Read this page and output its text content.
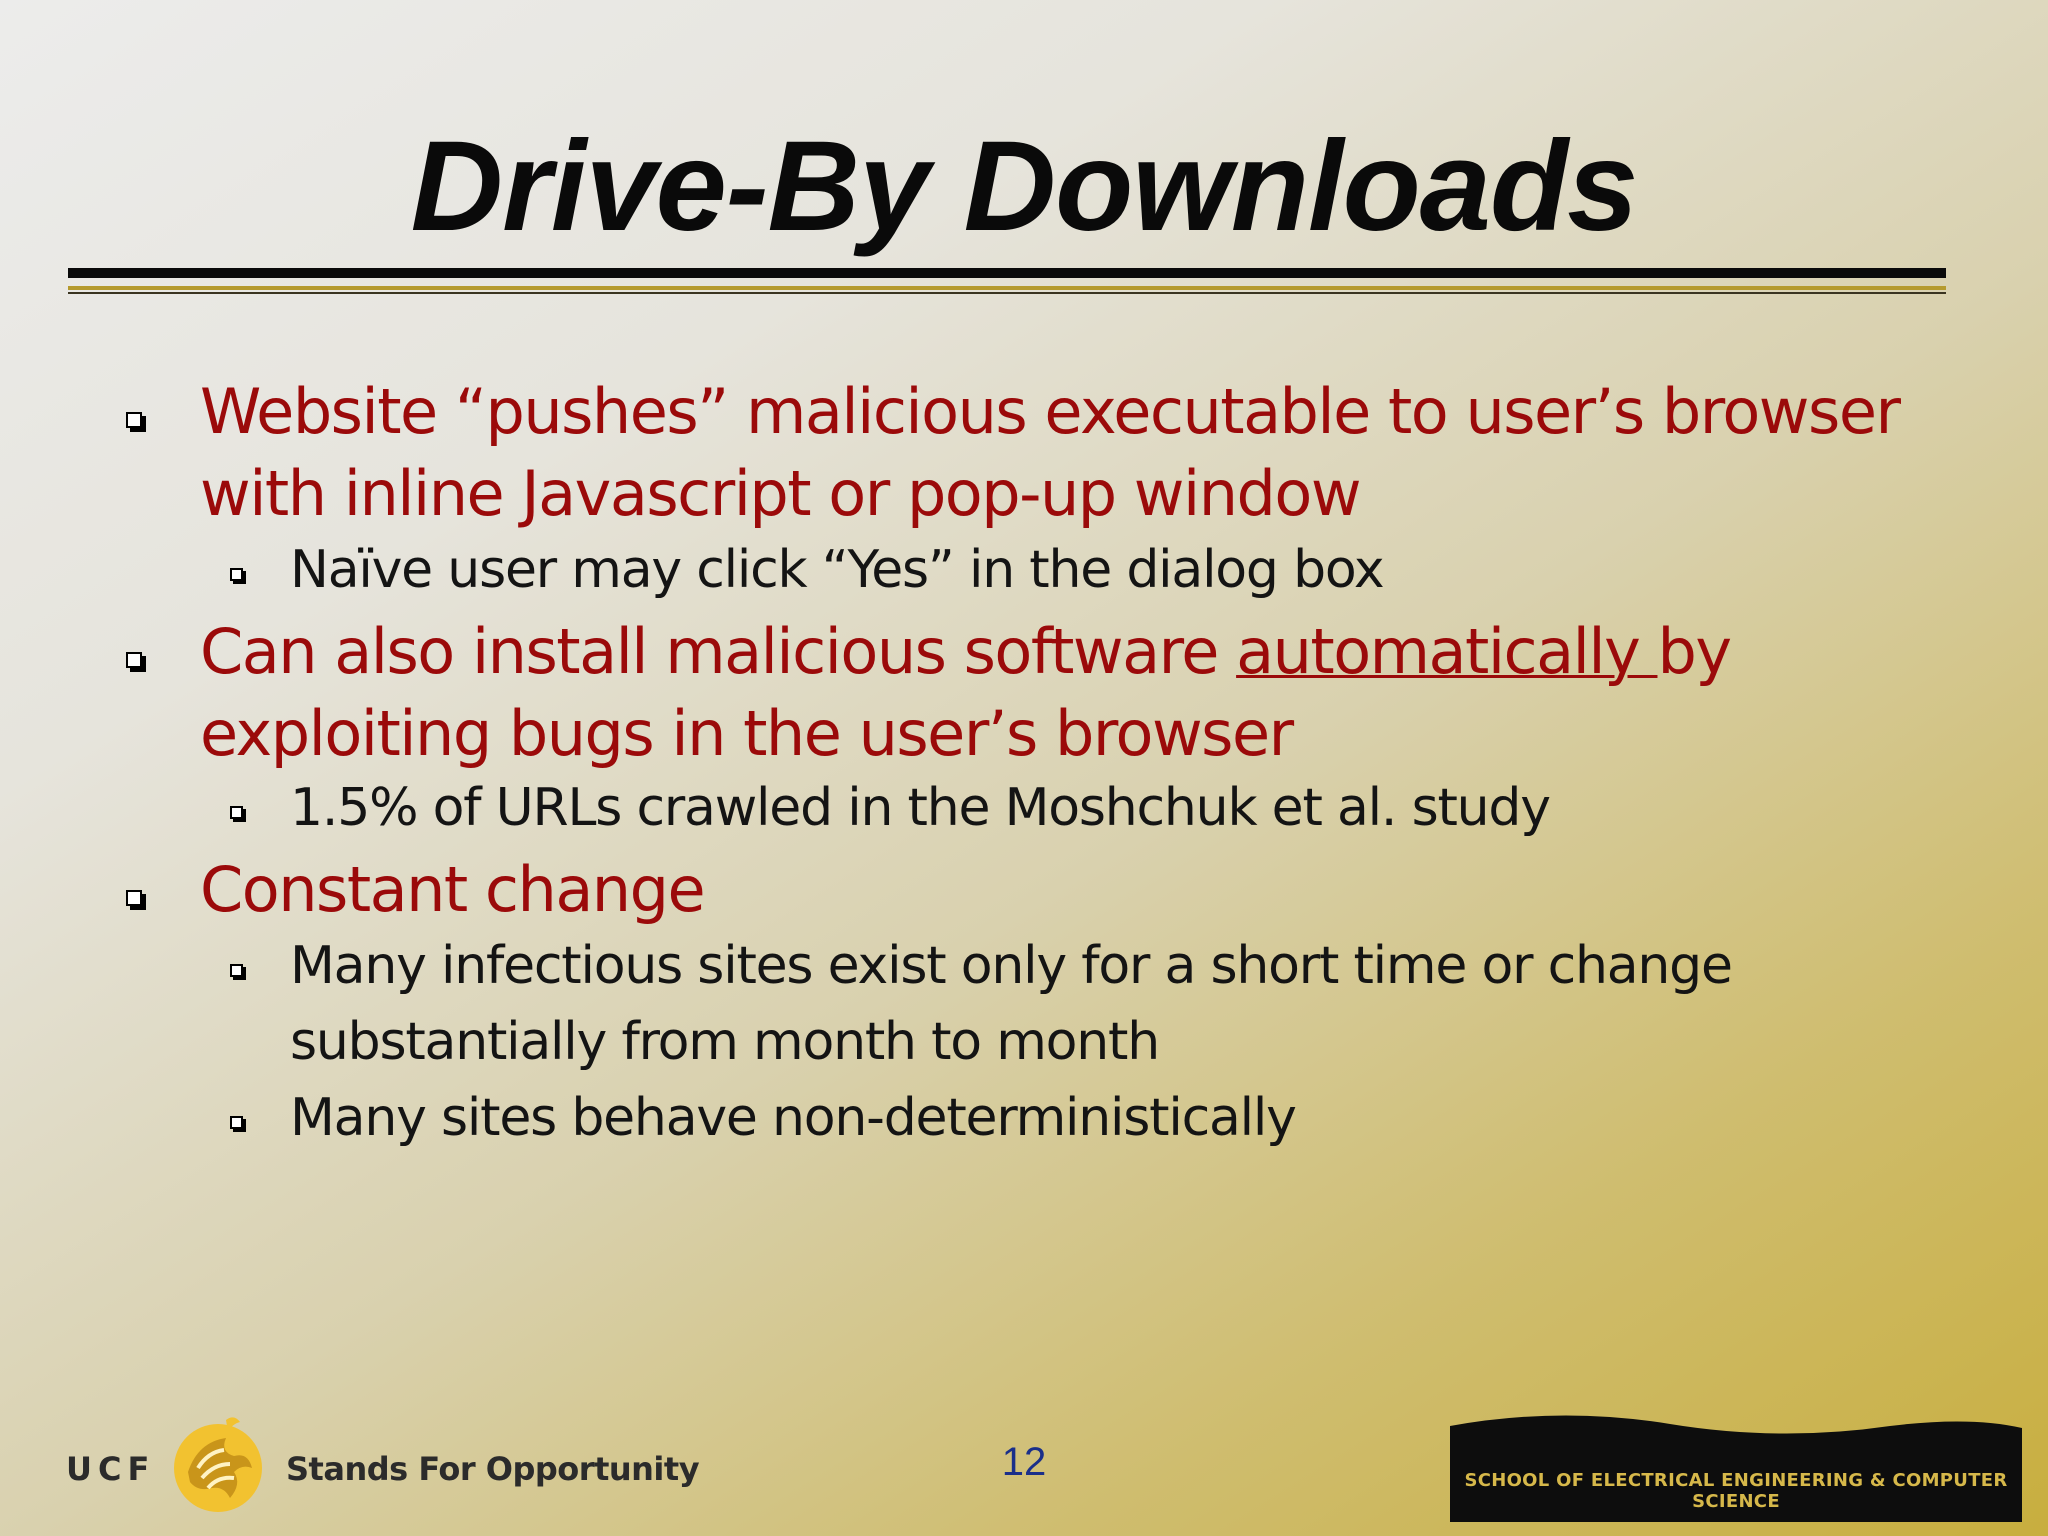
Drive-By Downloads
Website “pushes” malicious executable to user’s browser
with inline Javascript or pop-up window
Naïve user may click “Yes” in the dialog box
Can also install malicious software automatically by
exploiting bugs in the user’s browser
1.5% of URLs crawled in the Moshchuk et al. study
Constant change
Many infectious sites exist only for a short time or change
substantially from month to month
Many sites behave non-deterministically
UCF	Stands For Opportunity	12	SCHOOL OF ELECTRICAL ENGINEERING & COMPUTER SCIENCE
